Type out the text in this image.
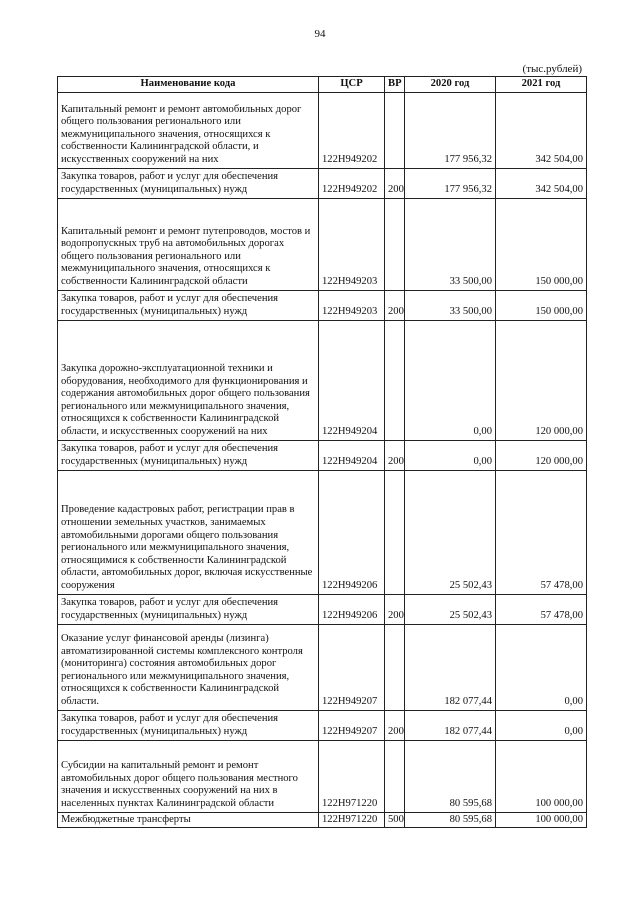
94
(тыс.рублей)
Наименование кода	ЦСР	ВР	2020 год	2021 год
Капитальный ремонт и ремонт автомобильных дорог общего пользования регионального или межмуниципального значения, относящихся к собственности Калининградской области, и искусственных сооружений на них	122Н949202		177 956,32	342 504,00
Закупка товаров, работ и услуг для обеспечения государственных (муниципальных) нужд	122Н949202	200	177 956,32	342 504,00
Капитальный ремонт и ремонт путепроводов, мостов и водопропускных труб на автомобильных дорогах общего пользования регионального или межмуниципального значения, относящихся к собственности Калининградской области	122Н949203		33 500,00	150 000,00
Закупка товаров, работ и услуг для обеспечения государственных (муниципальных) нужд	122Н949203	200	33 500,00	150 000,00
Закупка дорожно-эксплуатационной техники и оборудования, необходимого для функционирования и содержания автомобильных дорог общего пользования регионального или межмуниципального значения, относящихся к собственности Калининградской области, и искусственных сооружений на них	122Н949204		0,00	120 000,00
Закупка товаров, работ и услуг для обеспечения государственных (муниципальных) нужд	122Н949204	200	0,00	120 000,00
Проведение кадастровых работ, регистрации прав в отношении земельных участков, занимаемых автомобильными дорогами общего пользования регионального или межмуниципального значения, относящимися к собственности Калининградской области, автомобильных дорог, включая искусственные сооружения	122Н949206		25 502,43	57 478,00
Закупка товаров, работ и услуг для обеспечения государственных (муниципальных) нужд	122Н949206	200	25 502,43	57 478,00
Оказание услуг финансовой аренды (лизинга) автоматизированной системы комплексного контроля (мониторинга) состояния автомобильных дорог регионального или межмуниципального значения, относящихся к собственности Калининградской области.	122Н949207		182 077,44	0,00
Закупка товаров, работ и услуг для обеспечения государственных (муниципальных) нужд	122Н949207	200	182 077,44	0,00
Субсидии на капитальный ремонт и ремонт автомобильных дорог общего пользования местного значения и искусственных сооружений на них в населенных пунктах Калининградской области	122Н971220		80 595,68	100 000,00
Межбюджетные трансферты	122Н971220	500	80 595,68	100 000,00
